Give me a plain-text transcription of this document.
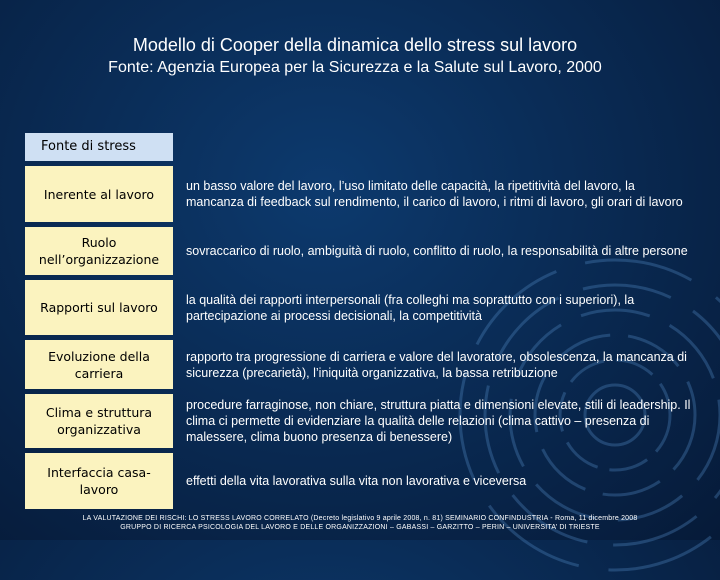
Modello di Cooper della dinamica dello stress sul lavoro
Fonte: Agenzia Europea per la Sicurezza e la Salute sul Lavoro, 2000
Fonte di stress
Inerente al lavoro
un basso valore del lavoro, l’uso limitato delle capacità, la ripetitività del lavoro, la mancanza di feedback sul rendimento, il carico di lavoro, i ritmi di lavoro, gli orari di lavoro
Ruolo nell’organizzazione
sovraccarico di ruolo, ambiguità di ruolo, conflitto di ruolo, la responsabilità di altre persone
Rapporti sul lavoro
la qualità dei rapporti interpersonali (fra colleghi ma soprattutto con i superiori), la partecipazione ai processi decisionali, la competitività
Evoluzione della carriera
rapporto tra progressione di carriera e valore del lavoratore, obsolescenza, la mancanza di sicurezza (precarietà), l’iniquità organizzativa, la bassa retribuzione
Clima e struttura organizzativa
procedure farraginose, non chiare, struttura piatta e dimensioni elevate, stili di leadership. Il clima ci permette di evidenziare la qualità delle relazioni (clima cattivo – presenza di malessere, clima buono presenza di benessere)
Interfaccia casa-lavoro
effetti della vita lavorativa sulla vita non lavorativa e viceversa
LA VALUTAZIONE DEI RISCHI: LO STRESS LAVORO CORRELATO (Decreto legislativo 9 aprile 2008, n. 81) SEMINARIO CONFINDUSTRIA - Roma, 11 dicembre 2008
GRUPPO DI RICERCA PSICOLOGIA DEL LAVORO E DELLE ORGANIZZAZIONI – GABASSI – GARZITTO – PERIN – UNIVERSITA’ DI TRIESTE
